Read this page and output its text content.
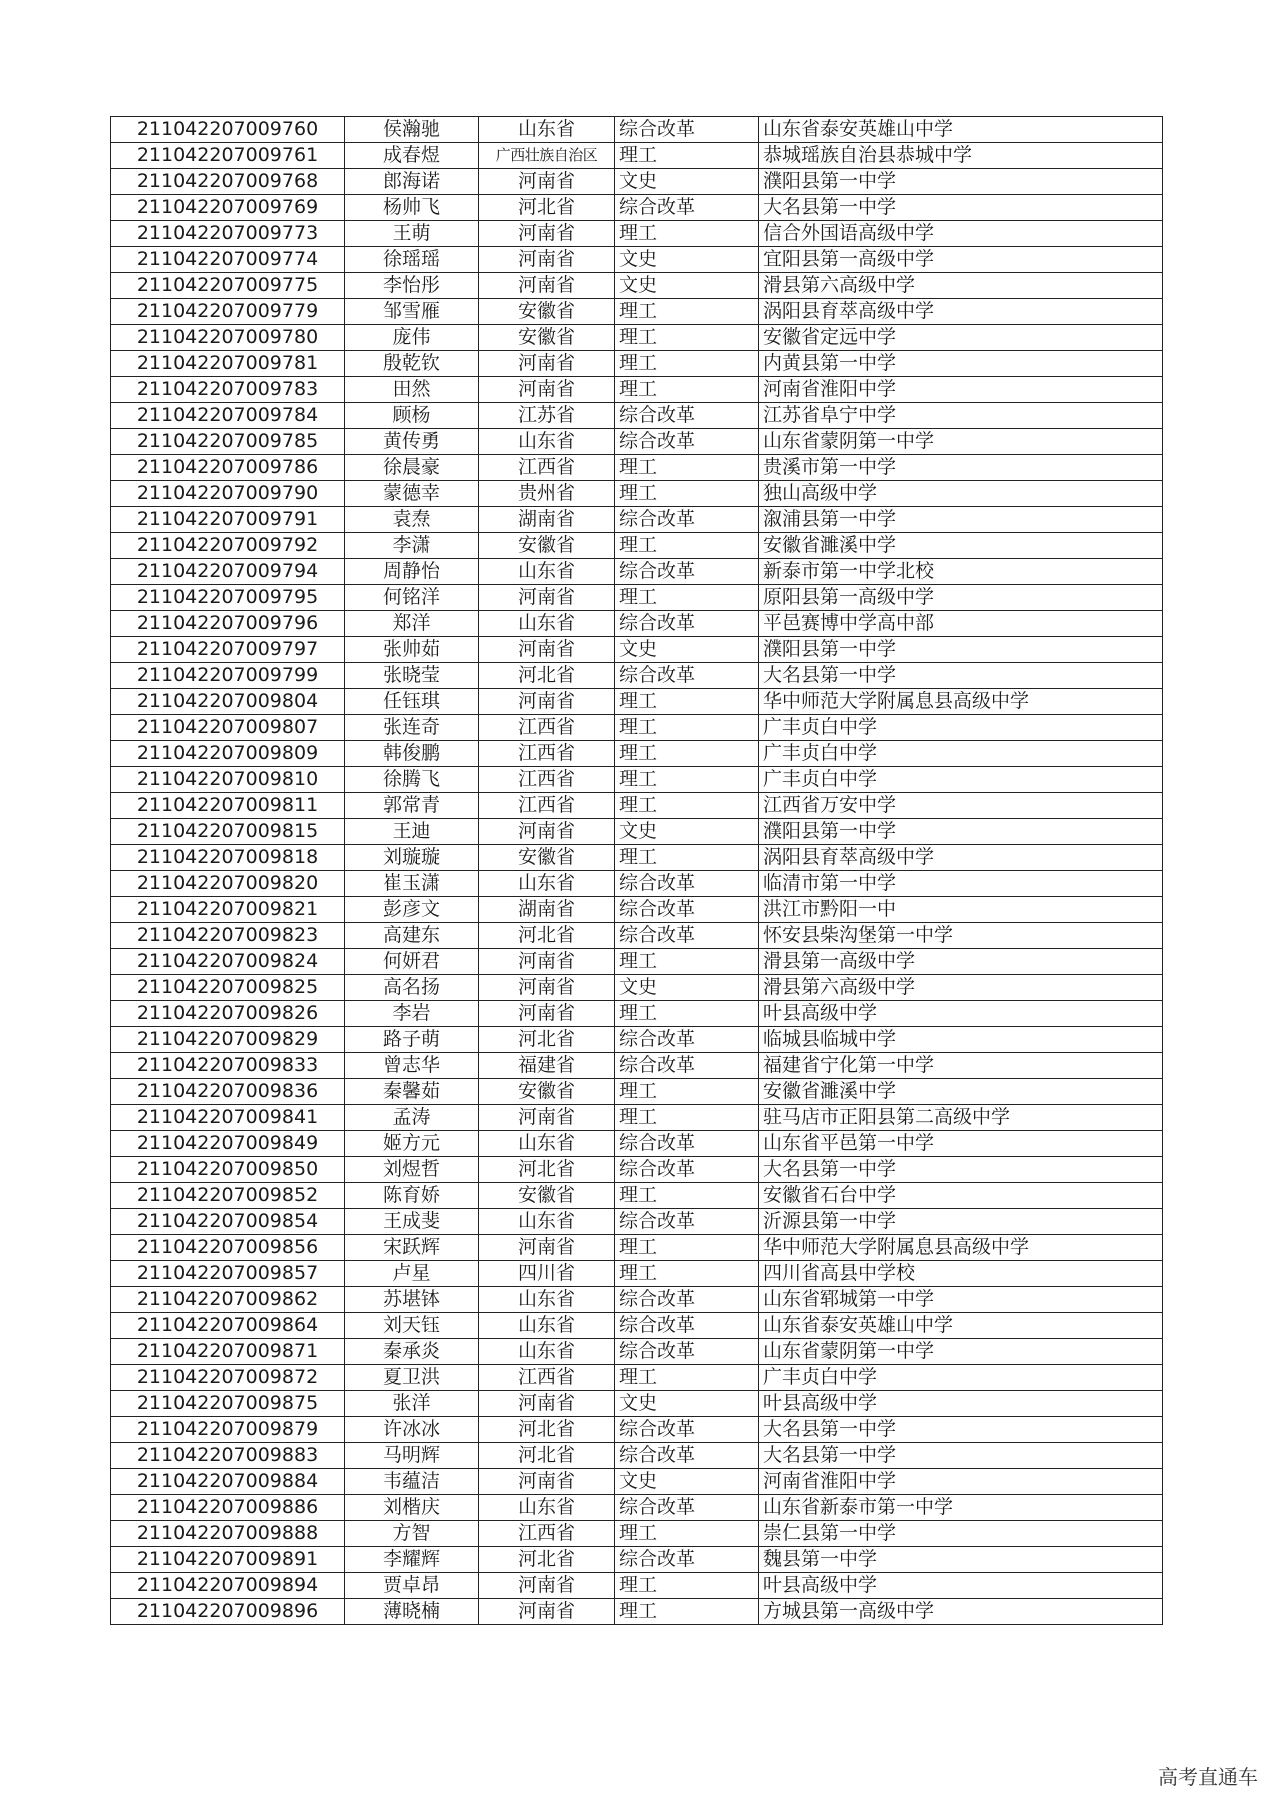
211042207009760	侯瀚驰	山东省	综合改革	山东省泰安英雄山中学
211042207009761	成春煜	广西壮族自治区	理工	恭城瑶族自治县恭城中学
211042207009768	郎海诺	河南省	文史	濮阳县第一中学
211042207009769	杨帅飞	河北省	综合改革	大名县第一中学
211042207009773	王萌	河南省	理工	信合外国语高级中学
211042207009774	徐瑶瑶	河南省	文史	宜阳县第一高级中学
211042207009775	李怡彤	河南省	文史	滑县第六高级中学
211042207009779	邹雪雁	安徽省	理工	涡阳县育萃高级中学
211042207009780	庞伟	安徽省	理工	安徽省定远中学
211042207009781	殷乾钦	河南省	理工	内黄县第一中学
211042207009783	田然	河南省	理工	河南省淮阳中学
211042207009784	顾杨	江苏省	综合改革	江苏省阜宁中学
211042207009785	黄传勇	山东省	综合改革	山东省蒙阴第一中学
211042207009786	徐晨豪	江西省	理工	贵溪市第一中学
211042207009790	蒙德幸	贵州省	理工	独山高级中学
211042207009791	袁焘	湖南省	综合改革	溆浦县第一中学
211042207009792	李潇	安徽省	理工	安徽省濉溪中学
211042207009794	周静怡	山东省	综合改革	新泰市第一中学北校
211042207009795	何铭洋	河南省	理工	原阳县第一高级中学
211042207009796	郑洋	山东省	综合改革	平邑赛博中学高中部
211042207009797	张帅茹	河南省	文史	濮阳县第一中学
211042207009799	张晓莹	河北省	综合改革	大名县第一中学
211042207009804	任钰琪	河南省	理工	华中师范大学附属息县高级中学
211042207009807	张连奇	江西省	理工	广丰贞白中学
211042207009809	韩俊鹏	江西省	理工	广丰贞白中学
211042207009810	徐腾飞	江西省	理工	广丰贞白中学
211042207009811	郭常青	江西省	理工	江西省万安中学
211042207009815	王迪	河南省	文史	濮阳县第一中学
211042207009818	刘璇璇	安徽省	理工	涡阳县育萃高级中学
211042207009820	崔玉潇	山东省	综合改革	临清市第一中学
211042207009821	彭彦文	湖南省	综合改革	洪江市黔阳一中
211042207009823	高建东	河北省	综合改革	怀安县柴沟堡第一中学
211042207009824	何妍君	河南省	理工	滑县第一高级中学
211042207009825	高名扬	河南省	文史	滑县第六高级中学
211042207009826	李岩	河南省	理工	叶县高级中学
211042207009829	路子萌	河北省	综合改革	临城县临城中学
211042207009833	曾志华	福建省	综合改革	福建省宁化第一中学
211042207009836	秦馨茹	安徽省	理工	安徽省濉溪中学
211042207009841	孟涛	河南省	理工	驻马店市正阳县第二高级中学
211042207009849	姬方元	山东省	综合改革	山东省平邑第一中学
211042207009850	刘煜哲	河北省	综合改革	大名县第一中学
211042207009852	陈育娇	安徽省	理工	安徽省石台中学
211042207009854	王成斐	山东省	综合改革	沂源县第一中学
211042207009856	宋跃辉	河南省	理工	华中师范大学附属息县高级中学
211042207009857	卢星	四川省	理工	四川省高县中学校
211042207009862	苏堪钵	山东省	综合改革	山东省郓城第一中学
211042207009864	刘天钰	山东省	综合改革	山东省泰安英雄山中学
211042207009871	秦承炎	山东省	综合改革	山东省蒙阴第一中学
211042207009872	夏卫洪	江西省	理工	广丰贞白中学
211042207009875	张洋	河南省	文史	叶县高级中学
211042207009879	许冰冰	河北省	综合改革	大名县第一中学
211042207009883	马明辉	河北省	综合改革	大名县第一中学
211042207009884	韦蕴洁	河南省	文史	河南省淮阳中学
211042207009886	刘楷庆	山东省	综合改革	山东省新泰市第一中学
211042207009888	方智	江西省	理工	崇仁县第一中学
211042207009891	李耀辉	河北省	综合改革	魏县第一中学
211042207009894	贾卓昂	河南省	理工	叶县高级中学
211042207009896	薄晓楠	河南省	理工	方城县第一高级中学
高考直通车
